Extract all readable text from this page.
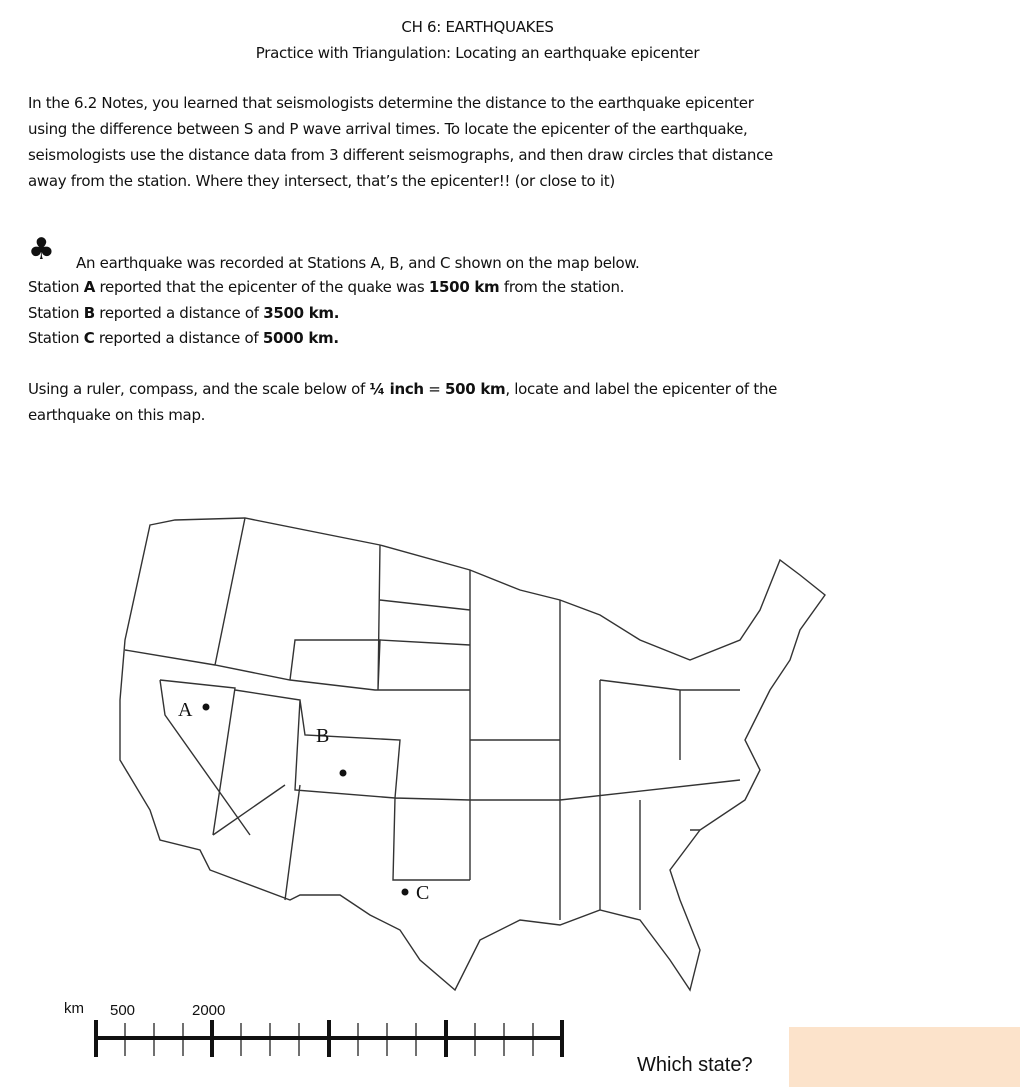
CH 6: EARTHQUAKES
Practice with Triangulation: Locating an earthquake epicenter
In the 6.2 Notes, you learned that seismologists determine the distance to the earthquake epicenter
using the difference between S and P wave arrival times. To locate the epicenter of the earthquake,
seismologists use the distance data from 3 different seismographs, and then draw circles that distance
away from the station. Where they intersect, that’s the epicenter!! (or close to it)
♣ An earthquake was recorded at Stations A, B, and C shown on the map below.
Station A reported that the epicenter of the quake was 1500 km from the station.
Station B reported a distance of 3500 km.
Station C reported a distance of 5000 km.
Using a ruler, compass, and the scale below of ¼ inch = 500 km, locate and label the epicenter of the
earthquake on this map.
A
B
C
km 500	2000
Which state?
